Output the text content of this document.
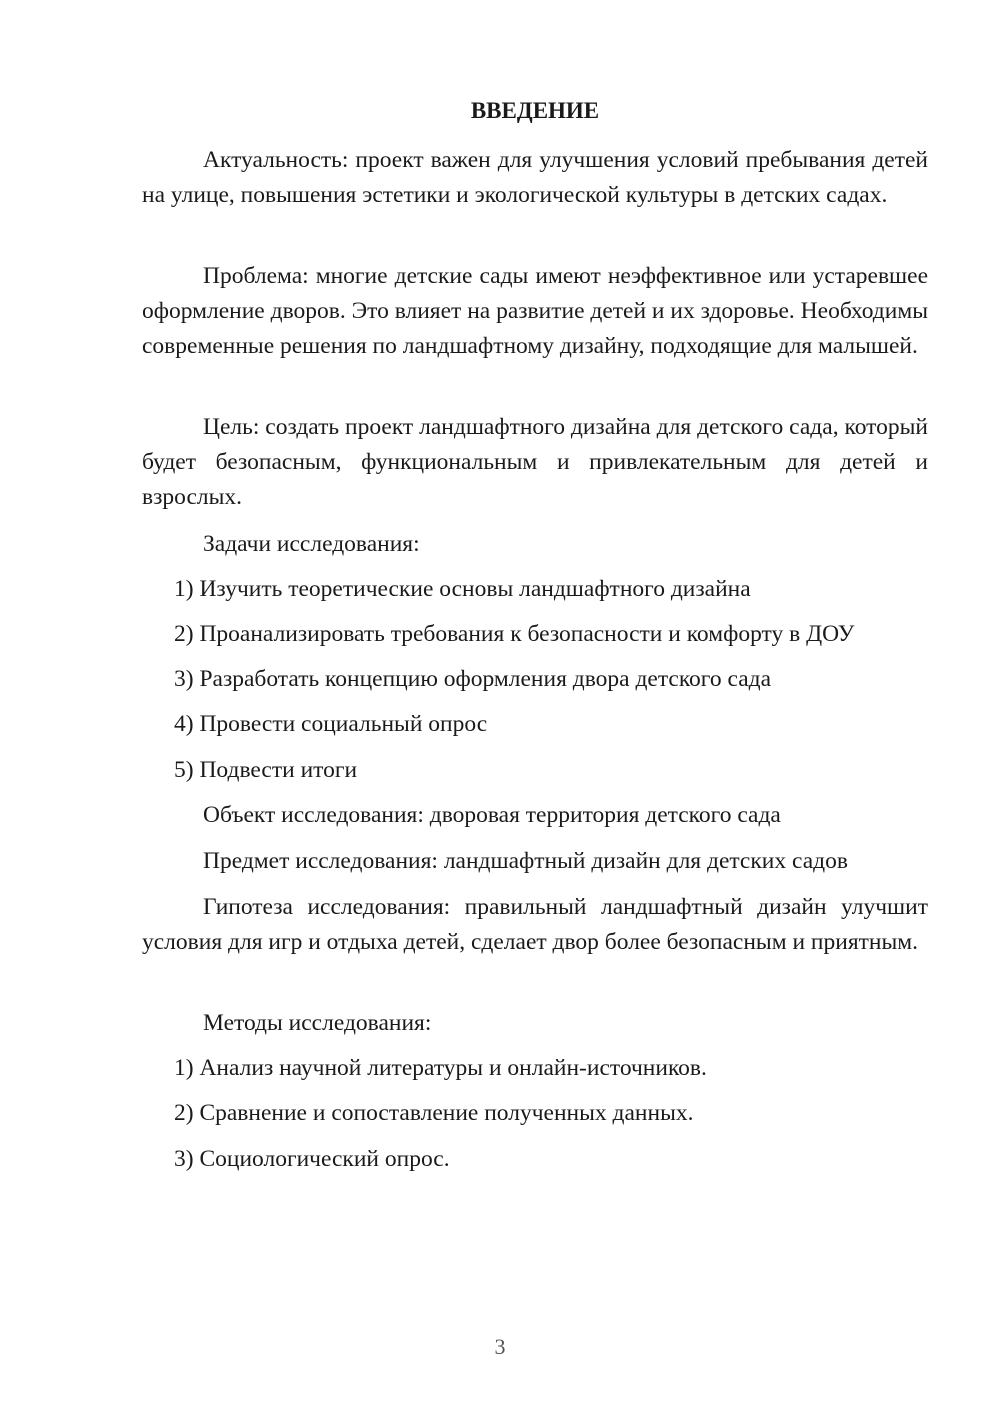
ВВЕДЕНИЕ

Актуальность: проект важен для улучшения условий пребывания детей на улице, повышения эстетики и экологической культуры в детских садах.

Проблема: многие детские сады имеют неэффективное или устаревшее оформление дворов. Это влияет на развитие детей и их здоровье. Необходимы современные решения по ландшафтному дизайну, подходящие для малышей.

Цель: создать проект ландшафтного дизайна для детского сада, который будет безопасным, функциональным и привлекательным для детей и взрослых.

Задачи исследования:

1) Изучить теоретические основы ландшафтного дизайна

2) Проанализировать требования к безопасности и комфорту в ДОУ

3) Разработать концепцию оформления двора детского сада

4) Провести социальный опрос

5) Подвести итоги

Объект исследования: дворовая территория детского сада

Предмет исследования: ландшафтный дизайн для детских садов

Гипотеза исследования: правильный ландшафтный дизайн улучшит условия для игр и отдыха детей, сделает двор более безопасным и приятным.

Методы исследования:

1) Анализ научной литературы и онлайн-источников.

2) Сравнение и сопоставление полученных данных.

3) Социологический опрос.

3
